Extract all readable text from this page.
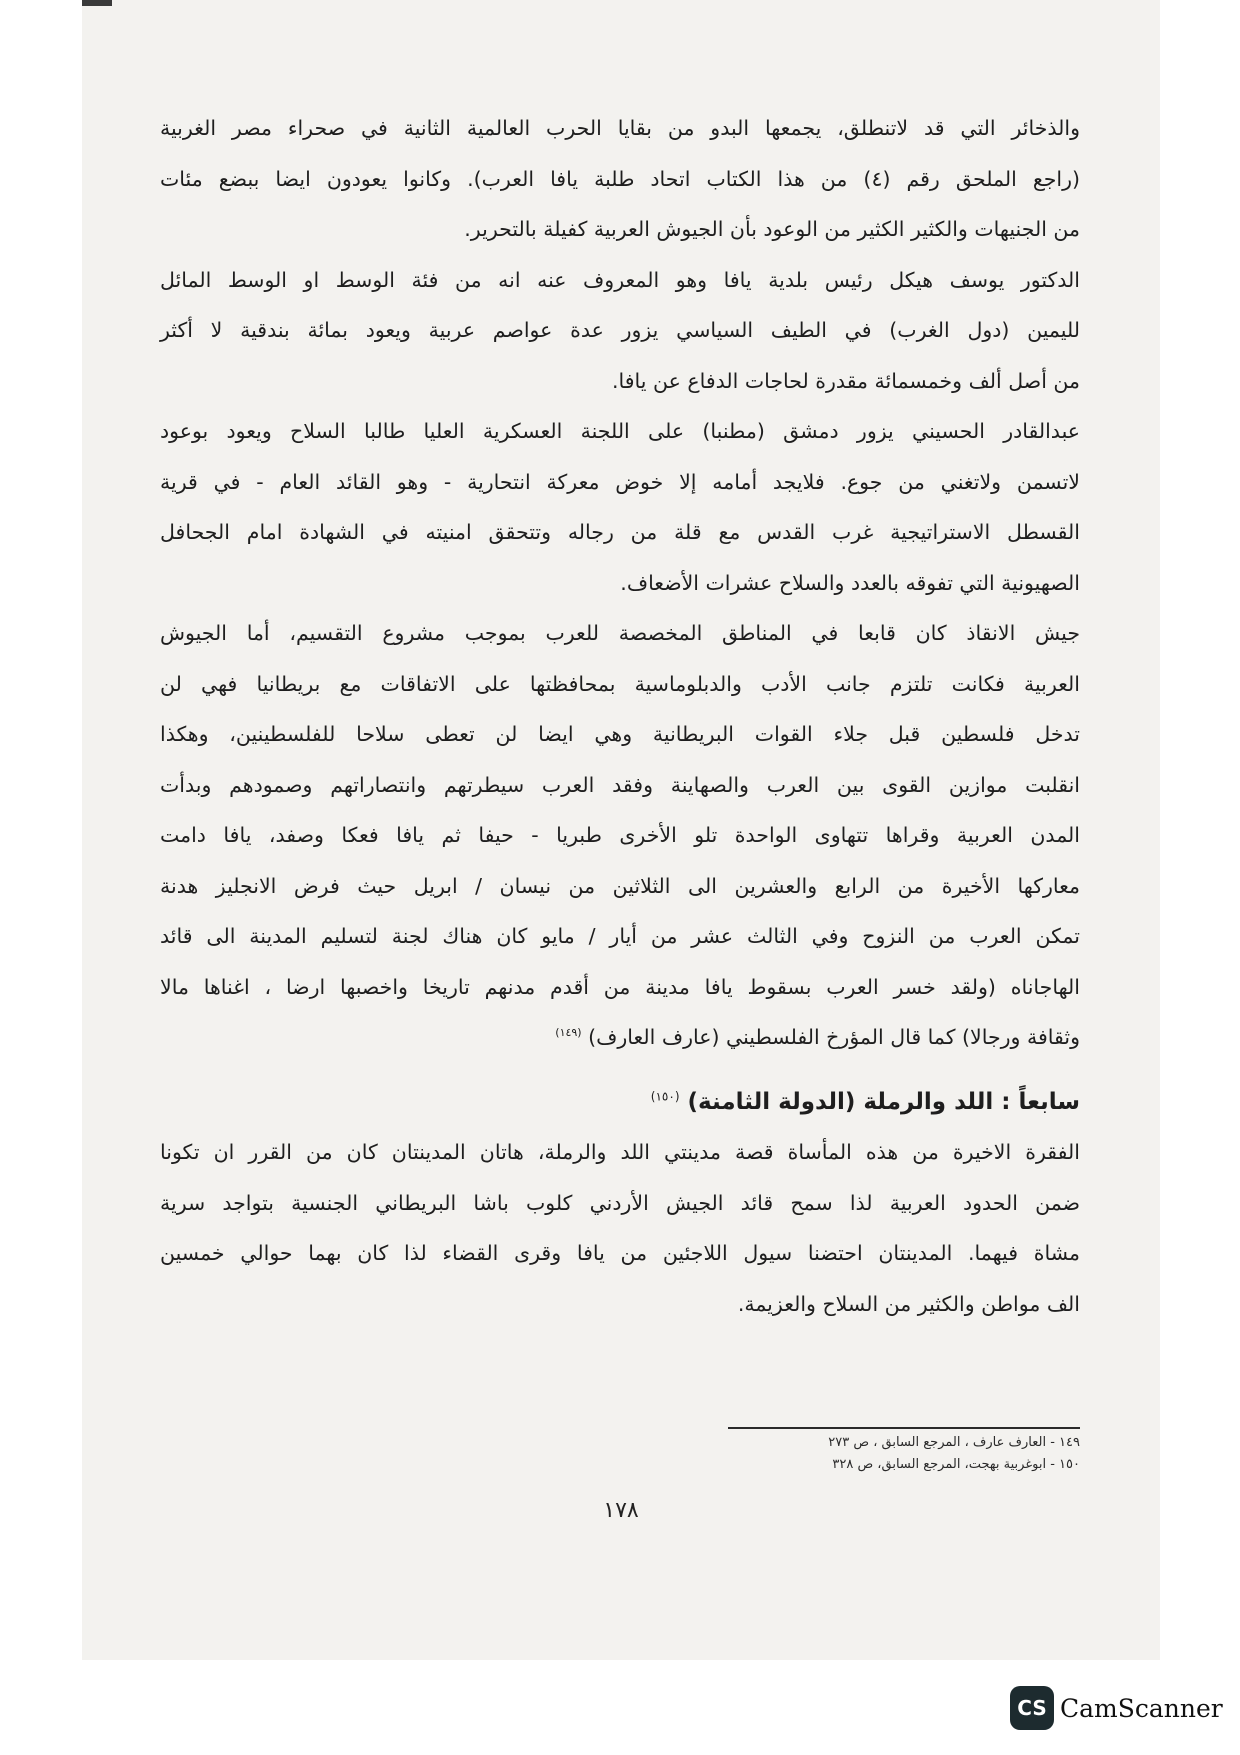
والذخائر التي قد لاتنطلق، يجمعها البدو من بقايا الحرب العالمية الثانية في صحراء مصر الغربية
(راجع الملحق رقم (٤) من هذا الكتاب اتحاد طلبة يافا العرب). وكانوا يعودون ايضا ببضع مئات
من الجنيهات والكثير الكثير من الوعود بأن الجيوش العربية كفيلة بالتحرير.
الدكتور يوسف هيكل رئيس بلدية يافا وهو المعروف عنه انه من فئة الوسط او الوسط المائل
لليمين (دول الغرب) في الطيف السياسي يزور عدة عواصم عربية ويعود بمائة بندقية لا أكثر
من أصل ألف وخمسمائة مقدرة لحاجات الدفاع عن يافا.
عبدالقادر الحسيني يزور دمشق (مطنبا) على اللجنة العسكرية العليا طالبا السلاح ويعود بوعود
لاتسمن ولاتغني من جوع. فلايجد أمامه إلا خوض معركة انتحارية - وهو القائد العام - في قرية
القسطل الاستراتيجية غرب القدس مع قلة من رجاله وتتحقق امنيته في الشهادة امام الجحافل
الصهيونية التي تفوقه بالعدد والسلاح عشرات الأضعاف.
جيش الانقاذ كان قابعا في المناطق المخصصة للعرب بموجب مشروع التقسيم، أما الجيوش
العربية فكانت تلتزم جانب الأدب والدبلوماسية بمحافظتها على الاتفاقات مع بريطانيا فهي لن
تدخل فلسطين قبل جلاء القوات البريطانية وهي ايضا لن تعطى سلاحا للفلسطينين، وهكذا
انقلبت موازين القوى بين العرب والصهاينة وفقد العرب سيطرتهم وانتصاراتهم وصمودهم وبدأت
المدن العربية وقراها تتهاوى الواحدة تلو الأخرى طبريا - حيفا ثم يافا فعكا وصفد، يافا دامت
معاركها الأخيرة من الرابع والعشرين الى الثلاثين من نيسان / ابريل حيث فرض الانجليز هدنة
تمكن العرب من النزوح وفي الثالث عشر من أيار / مايو كان هناك لجنة لتسليم المدينة الى قائد
الهاجاناه (ولقد خسر العرب بسقوط يافا مدينة من أقدم مدنهم تاريخا واخصبها ارضا ، اغناها مالا
وثقافة ورجالا) كما قال المؤرخ الفلسطيني (عارف العارف) $^{(١٤٩)}$
سابعاً : اللد والرملة (الدولة الثامنة) $^{(١٥٠)}$
الفقرة الاخيرة من هذه المأساة قصة مدينتي اللد والرملة، هاتان المدينتان كان من القرر ان تكونا
ضمن الحدود العربية لذا سمح قائد الجيش الأردني كلوب باشا البريطاني الجنسية بتواجد سرية
مشاة فيهما. المدينتان احتضنا سيول اللاجئين من يافا وقرى القضاء لذا كان بهما حوالي خمسين
الف مواطن والكثير من السلاح والعزيمة.
١٤٩ - العارف عارف ، المرجع السابق ، ص ٢٧٣
١٥٠ - ابوغربية بهجت، المرجع السابق، ص ٣٢٨
١٧٨
CS CamScanner
